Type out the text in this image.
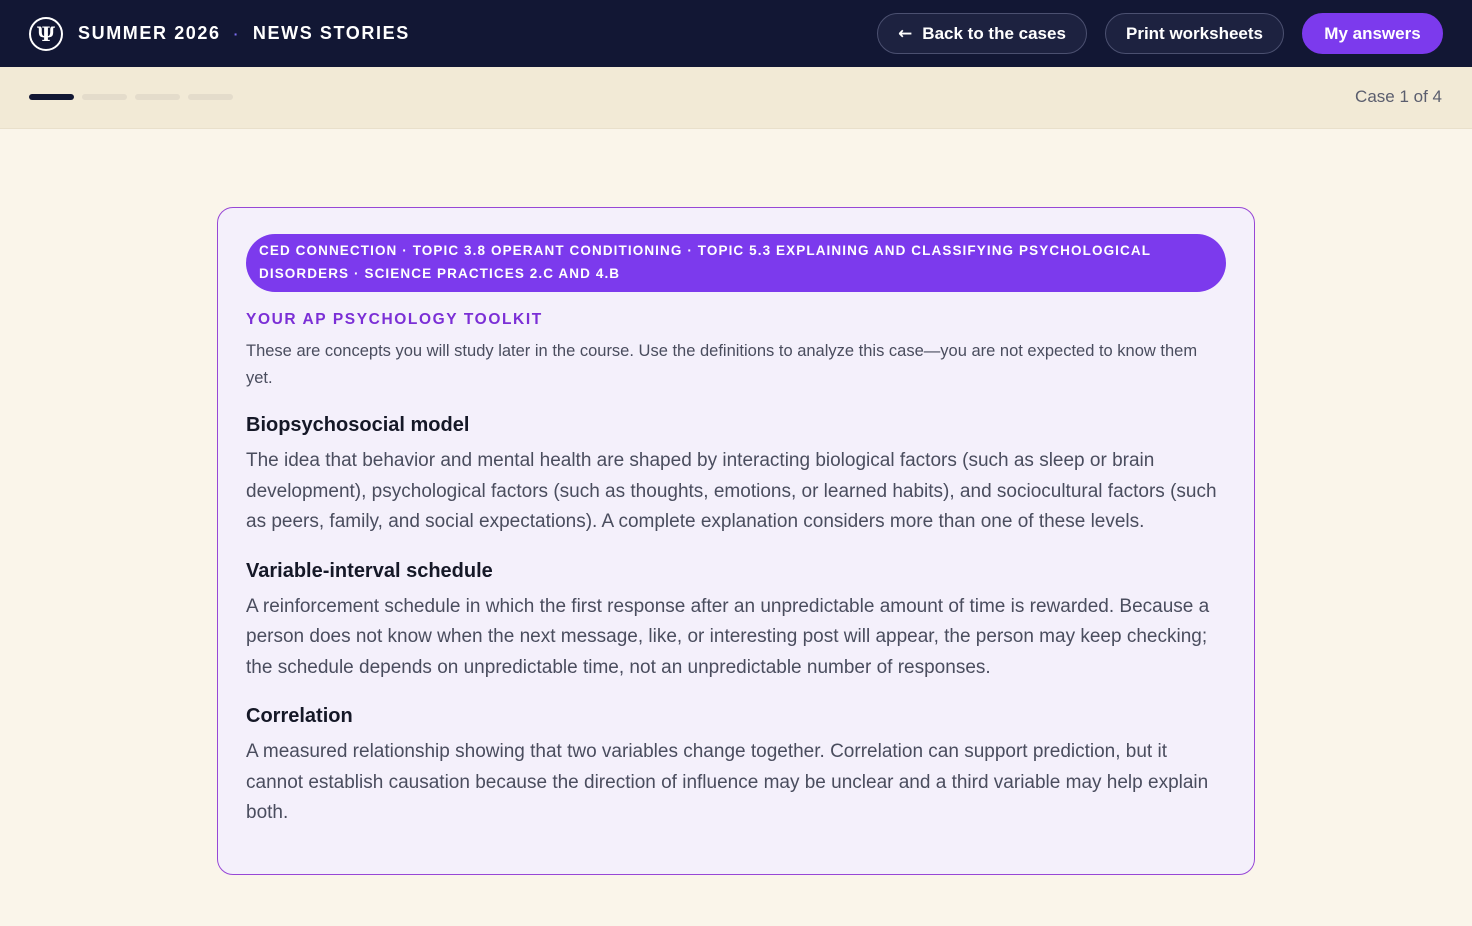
Ψ	SUMMER 2026 · NEWS STORIES	← Back to the cases	Print worksheets	My answers
Case 1 of 4
CED CONNECTION · TOPIC 3.8 OPERANT CONDITIONING · TOPIC 5.3 EXPLAINING AND CLASSIFYING PSYCHOLOGICAL DISORDERS · SCIENCE PRACTICES 2.C AND 4.B
YOUR AP PSYCHOLOGY TOOLKIT
These are concepts you will study later in the course. Use the definitions to analyze this case—you are not expected to know them yet.
Biopsychosocial model
The idea that behavior and mental health are shaped by interacting biological factors (such as sleep or brain development), psychological factors (such as thoughts, emotions, or learned habits), and sociocultural factors (such as peers, family, and social expectations). A complete explanation considers more than one of these levels.
Variable-interval schedule
A reinforcement schedule in which the first response after an unpredictable amount of time is rewarded. Because a person does not know when the next message, like, or interesting post will appear, the person may keep checking; the schedule depends on unpredictable time, not an unpredictable number of responses.
Correlation
A measured relationship showing that two variables change together. Correlation can support prediction, but it cannot establish causation because the direction of influence may be unclear and a third variable may help explain both.
